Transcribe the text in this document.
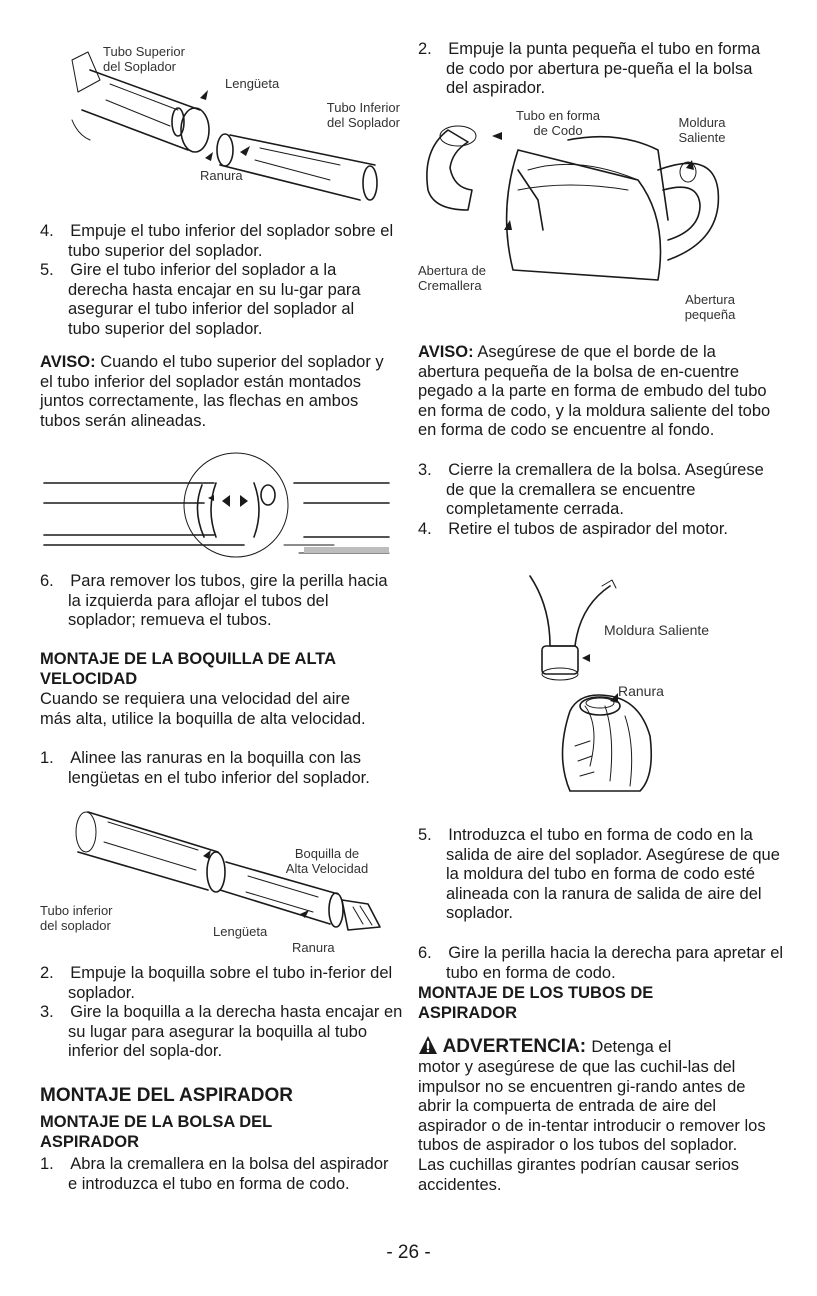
Tubo Superior
del Soplador
Lengüeta
Tubo Inferior
del Soplador
Ranura
4.  Empuje el tubo inferior del soplador sobre el tubo superior del soplador.
5.  Gire el tubo inferior del soplador a la derecha hasta encajar en su lu-gar para asegurar el tubo inferior del soplador al tubo superior del soplador.
AVISO: Cuando el tubo superior del soplador y el tubo inferior del soplador están montados juntos correctamente, las flechas en ambos tubos serán alineadas.
6.  Para remover los tubos, gire la perilla hacia la izquierda para aflojar el tubos del soplador; remueva el tubos.
MONTAJE DE LA BOQUILLA DE ALTA VELOCIDAD
Cuando se requiera una velocidad del aire más alta, utilice la boquilla de alta velocidad.
1.  Alinee las ranuras en la boquilla con las lengüetas en el tubo inferior del soplador.
Boquilla de
Alta Velocidad
Tubo inferior
del soplador	Lengüeta
Ranura
2.  Empuje la boquilla sobre el tubo in-ferior del soplador.
3.  Gire la boquilla a la derecha hasta encajar en su lugar para asegurar la boquilla al tubo inferior del sopla-dor.
MONTAJE DEL ASPIRADOR
MONTAJE DE LA BOLSA DEL ASPIRADOR
1.  Abra la cremallera en la bolsa del aspirador e introduzca el tubo en forma de codo.
2.  Empuje la punta pequeña el tubo en forma de codo por abertura pe-queña el la bolsa del aspirador.
Tubo en forma
de Codo
Moldura
Saliente
Abertura de
Cremallera
Abertura
pequeña
AVISO: Asegúrese de que el borde de la abertura pequeña de la bolsa de en-cuentre pegado a la parte en forma de embudo del tubo en forma de codo, y la moldura saliente del tobo en forma de codo se encuentre al fondo.
3.  Cierre la cremallera de la bolsa. Asegúrese de que la cremallera se encuentre completamente cerrada.
4.  Retire el tubos de aspirador del motor.
Moldura Saliente
Ranura
5.  Introduzca el tubo en forma de codo en la salida de aire del soplador. Asegúrese de que la moldura del tubo en forma de codo esté alineada con la ranura de salida de aire del soplador.
6.  Gire la perilla hacia la derecha para apretar el tubo en forma de codo.
MONTAJE DE LOS TUBOS DE ASPIRADOR
ADVERTENCIA: Detenga el
motor y asegúrese de que las cuchil-las del impulsor no se encuentren gi-rando antes de abrir la compuerta de entrada de aire del aspirador o de in-tentar introducir o remover los tubos de aspirador o los tubos del soplador. Las cuchillas girantes podrían causar serios accidentes.
- 26 -
